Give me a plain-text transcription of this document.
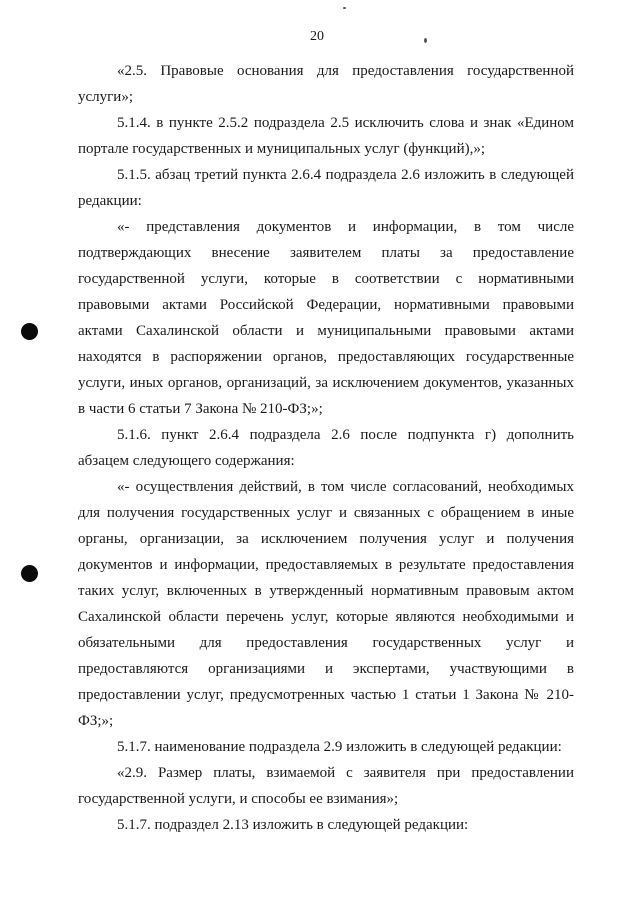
20

«2.5. Правовые основания для предоставления государственной услуги»;

5.1.4. в пункте 2.5.2 подраздела 2.5 исключить слова и знак «Едином портале государственных и муниципальных услуг (функций),»;

5.1.5. абзац третий пункта 2.6.4 подраздела 2.6 изложить в следующей редакции:

«- представления документов и информации, в том числе подтверждающих внесение заявителем платы за предоставление государственной услуги, которые в соответствии с нормативными правовыми актами Российской Федерации, нормативными правовыми актами Сахалинской области и муниципальными правовыми актами находятся в распоряжении органов, предоставляющих государственные услуги, иных органов, организаций, за исключением документов, указанных в части 6 статьи 7 Закона № 210-ФЗ;»;

5.1.6. пункт 2.6.4 подраздела 2.6 после подпункта г) дополнить абзацем следующего содержания:

«- осуществления действий, в том числе согласований, необходимых для получения государственных услуг и связанных с обращением в иные органы, организации, за исключением получения услуг и получения документов и информации, предоставляемых в результате предоставления таких услуг, включенных в утвержденный нормативным правовым актом Сахалинской области перечень услуг, которые являются необходимыми и обязательными для предоставления государственных услуг и предоставляются организациями и экспертами, участвующими в предоставлении услуг, предусмотренных частью 1 статьи 1 Закона № 210-ФЗ;»;

5.1.7. наименование подраздела 2.9 изложить в следующей редакции:

«2.9. Размер платы, взимаемой с заявителя при предоставлении государственной услуги, и способы ее взимания»;

5.1.7. подраздел 2.13 изложить в следующей редакции:
